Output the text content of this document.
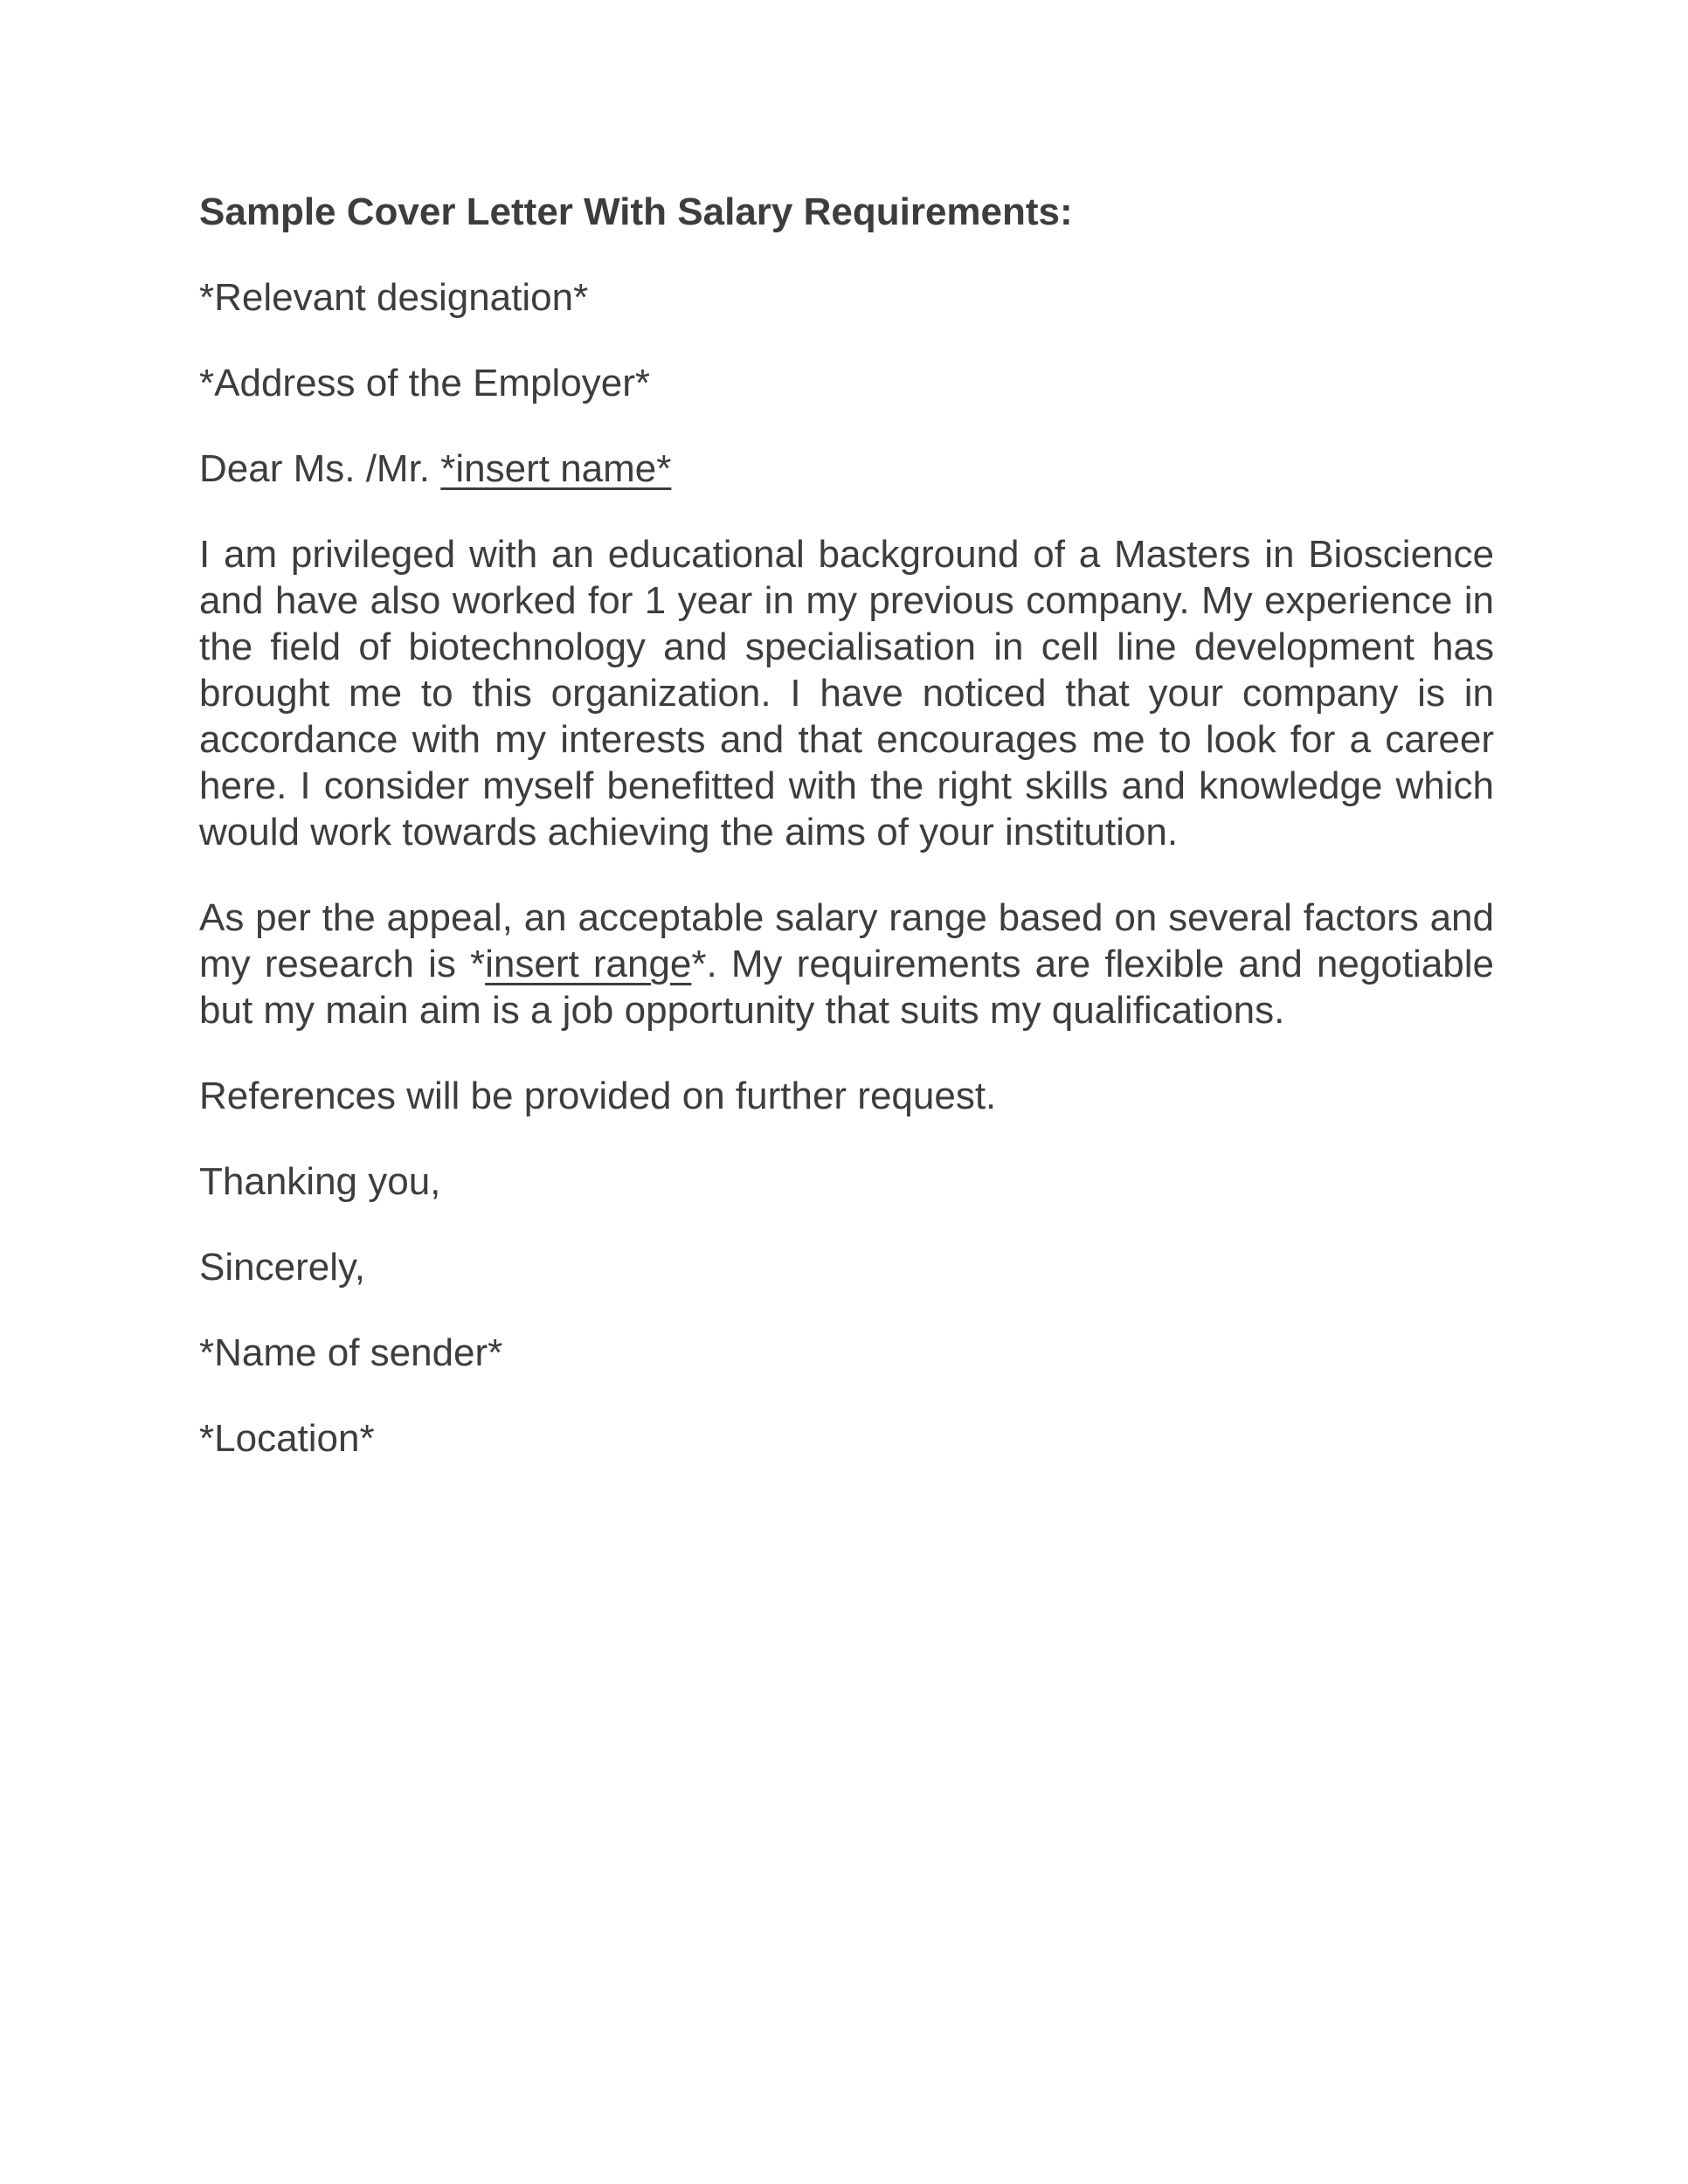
Sample Cover Letter With Salary Requirements:

*Relevant designation*

*Address of the Employer*

Dear Ms. /Mr. *insert name*

I am privileged with an educational background of a Masters in Bioscience and have also worked for 1 year in my previous company. My experience in the field of biotechnology and specialisation in cell line development has brought me to this organization. I have noticed that your company is in accordance with my interests and that encourages me to look for a career here. I consider myself benefitted with the right skills and knowledge which would work towards achieving the aims of your institution.

As per the appeal, an acceptable salary range based on several factors and my research is *insert range*. My requirements are flexible and negotiable but my main aim is a job opportunity that suits my qualifications.

References will be provided on further request.

Thanking you,

Sincerely,

*Name of sender*

*Location*
